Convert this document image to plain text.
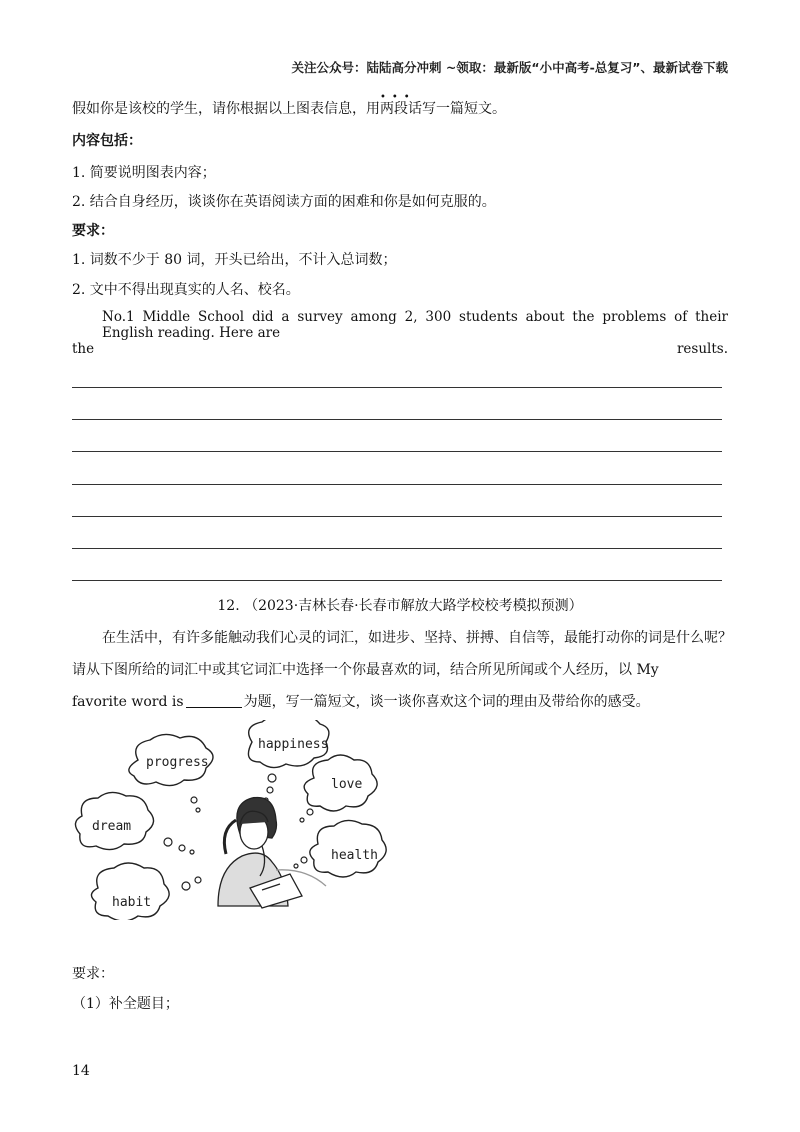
关注公众号：陆陆高分冲刺 ~领取：最新版“小中高考-总复习”、最新试卷下载
假如你是该校的学生，请你根据以上图表信息，用
•••
两段话写一篇短文。
内容包括：
1. 简要说明图表内容；
2. 结合自身经历，谈谈你在英语阅读方面的困难和你是如何克服的。
要求：
1. 词数不少于 80 词，开头已给出，不计入总词数；
2. 文中不得出现真实的人名、校名。
No.1 Middle School did a survey among 2, 300 students about the problems of their English reading. Here are
the	results.
12. （2023·吉林长春·长春市解放大路学校校考模拟预测）
在生活中，有许多能触动我们心灵的词汇，如进步、坚持、拼搏、自信等，最能打动你的词是什么呢？
请从下图所给的词汇中或其它词汇中选择一个你最喜欢的词，结合所见所闻或个人经历，以 My
favorite word is	为题，写一篇短文，谈一谈你喜欢这个词的理由及带给你的感受。
happiness
progress
love
dream
health
habit
要求：
（1）补全题目；
14
